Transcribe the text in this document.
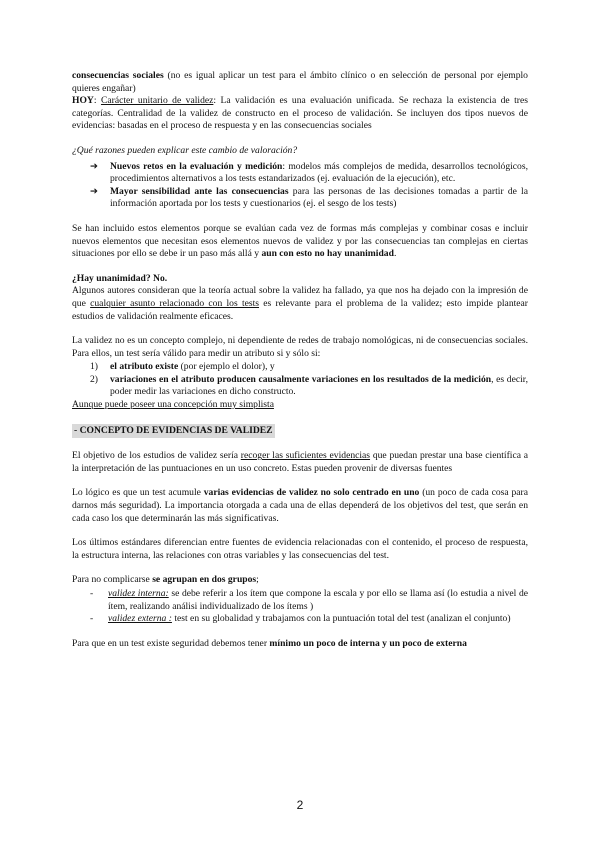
consecuencias sociales (no es igual aplicar un test para el ámbito clínico o en selección de personal por ejemplo quieres engañar)

HOY: Carácter unitario de validez: La validación es una evaluación unificada. Se rechaza la existencia de tres categorías. Centralidad de la validez de constructo en el proceso de validación. Se incluyen dos tipos nuevos de evidencias: basadas en el proceso de respuesta y en las consecuencias sociales

¿Qué razones pueden explicar este cambio de valoración?

➔	Nuevos retos en la evaluación y medición: modelos más complejos de medida, desarrollos tecnológicos, procedimientos alternativos a los tests estandarizados (ej. evaluación de la ejecución), etc.
➔	Mayor sensibilidad ante las consecuencias para las personas de las decisiones tomadas a partir de la información aportada por los tests y cuestionarios (ej. el sesgo de los tests)

Se han incluido estos elementos porque se evalúan cada vez de formas más complejas y combinar cosas e incluir nuevos elementos que necesitan esos elementos nuevos de validez y por las consecuencias tan complejas en ciertas situaciones por ello se debe ir un paso más allá y aun con esto no hay unanimidad.

¿Hay unanimidad? No.

Algunos autores consideran que la teoría actual sobre la validez ha fallado, ya que nos ha dejado con la impresión de que cualquier asunto relacionado con los tests es relevante para el problema de la validez; esto impide plantear estudios de validación realmente eficaces.

La validez no es un concepto complejo, ni dependiente de redes de trabajo nomológicas, ni de consecuencias sociales. Para ellos, un test sería válido para medir un atributo si y sólo si:

1)	el atributo existe (por ejemplo el dolor), y
2)	variaciones en el atributo producen causalmente variaciones en los resultados de la medición, es decir, poder medir las variaciones en dicho constructo.

Aunque puede poseer una concepción muy simplista

- CONCEPTO DE EVIDENCIAS DE VALIDEZ

El objetivo de los estudios de validez sería recoger las suficientes evidencias que puedan prestar una base científica a la interpretación de las puntuaciones en un uso concreto. Estas pueden provenir de diversas fuentes

Lo lógico es que un test acumule varias evidencias de validez no solo centrado en uno (un poco de cada cosa para darnos más seguridad). La importancia otorgada a cada una de ellas dependerá de los objetivos del test, que serán en cada caso los que determinarán las más significativas.

Los últimos estándares diferencian entre fuentes de evidencia relacionadas con el contenido, el proceso de respuesta, la estructura interna, las relaciones con otras variables y las consecuencias del test.

Para no complicarse se agrupan en dos grupos;

-	validez interna: se debe referir a los ítem que compone la escala y por ello se llama así (lo estudia a nivel de ítem, realizando análisi individualizado de los ítems )
-	validez externa : test en su globalidad y trabajamos con la puntuación total del test (analizan el conjunto)

Para que en un test existe seguridad debemos tener mínimo un poco de interna y un poco de externa

2
